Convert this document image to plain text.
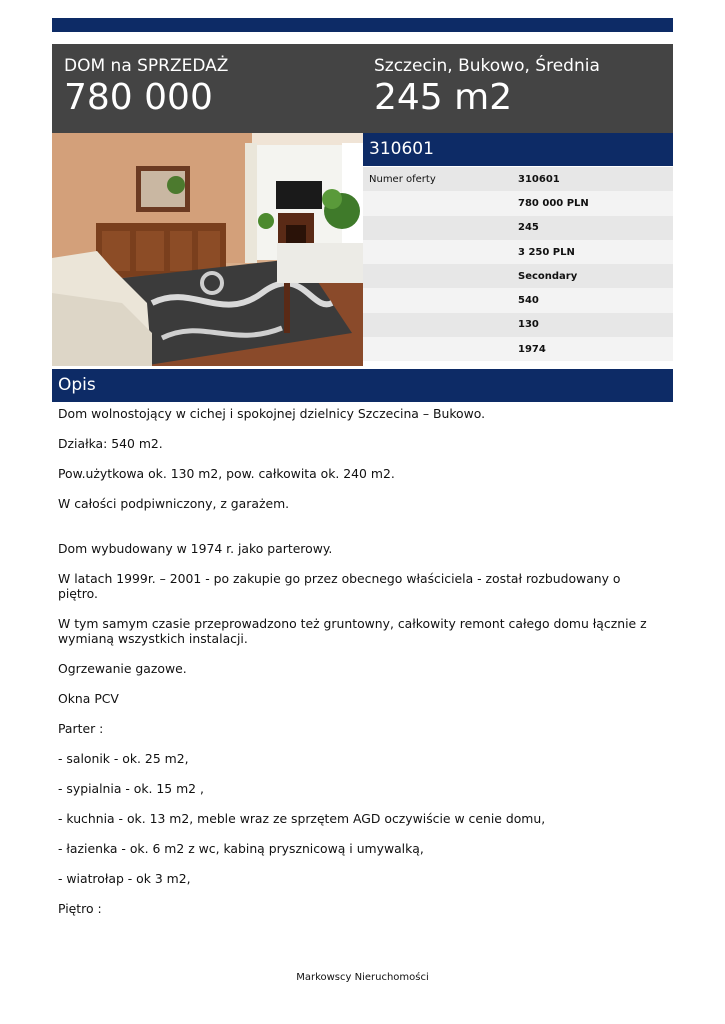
DOM na SPRZEDAŻ
780 000
Szczecin, Bukowo, Średnia
245 m2
310601
Numer oferty	310601
780 000 PLN
245
3 250 PLN
Secondary
540
130
1974
Opis

Dom wolnostojący w cichej i spokojnej dzielnicy Szczecina – Bukowo.

Działka: 540 m2.

Pow.użytkowa ok. 130 m2, pow. całkowita ok. 240 m2.

W całości podpiwniczony, z garażem.

Dom wybudowany w 1974 r. jako parterowy.

W latach 1999r. – 2001 - po zakupie go przez obecnego właściciela - został rozbudowany o piętro.

W tym samym czasie przeprowadzono też gruntowny, całkowity remont całego domu łącznie z wymianą wszystkich instalacji.

Ogrzewanie gazowe.

Okna PCV

Parter :

- salonik - ok. 25 m2,

- sypialnia - ok. 15 m2 ,

- kuchnia - ok. 13 m2, meble wraz ze sprzętem AGD oczywiście w cenie domu,

- łazienka - ok. 6 m2 z wc, kabiną prysznicową i umywalką,

- wiatrołap - ok 3 m2,

Piętro :

Markowscy Nieruchomości
